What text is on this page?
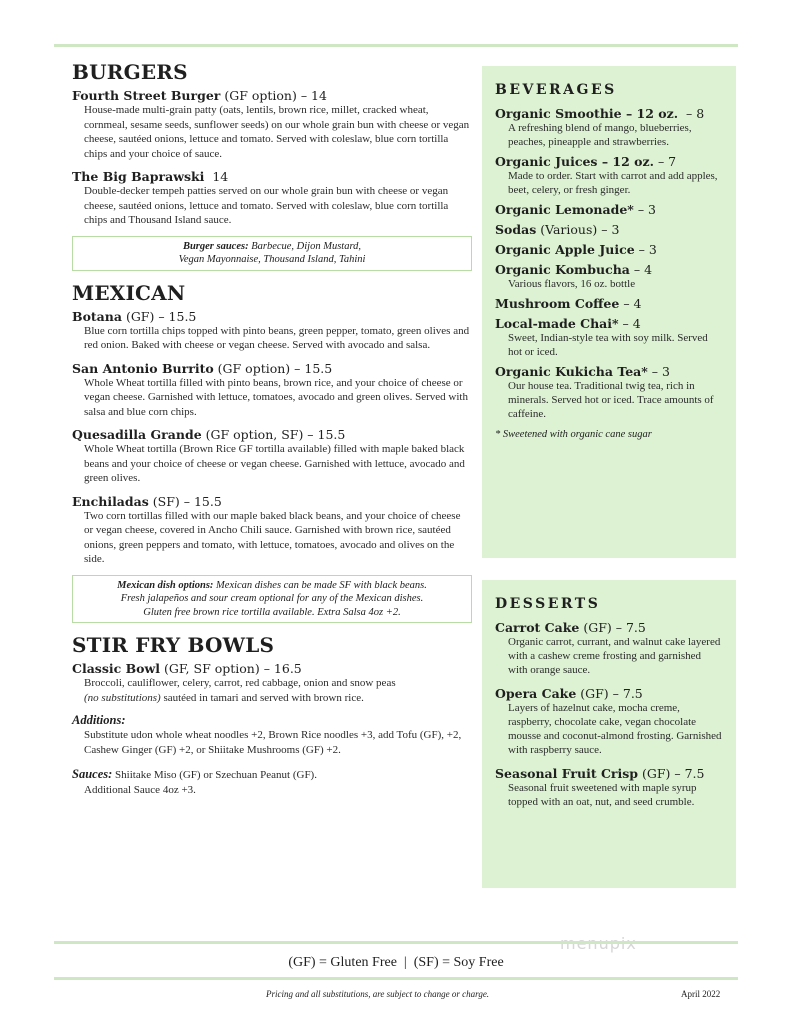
BURGERS
Fourth Street Burger (GF option) – 14
House-made multi-grain patty (oats, lentils, brown rice, millet, cracked wheat, cornmeal, sesame seeds, sunflower seeds) on our whole grain bun with cheese or vegan cheese, sautéed onions, lettuce and tomato. Served with coleslaw, blue corn tortilla chips and your choice of sauce.
The Big Baprawski  14
Double-decker tempeh patties served on our whole grain bun with cheese or vegan cheese, sautéed onions, lettuce and tomato. Served with coleslaw, blue corn tortilla chips and Thousand Island sauce.
Burger sauces: Barbecue, Dijon Mustard,
Vegan Mayonnaise, Thousand Island, Tahini
MEXICAN
Botana (GF) – 15.5
Blue corn tortilla chips topped with pinto beans, green pepper, tomato, green olives and red onion. Baked with cheese or vegan cheese. Served with avocado and salsa.
San Antonio Burrito (GF option) – 15.5
Whole Wheat tortilla filled with pinto beans, brown rice, and your choice of cheese or vegan cheese. Garnished with lettuce, tomatoes, avocado and green olives. Served with salsa and blue corn chips.
Quesadilla Grande (GF option, SF) – 15.5
Whole Wheat tortilla (Brown Rice GF tortilla available) filled with maple baked black beans and your choice of cheese or vegan cheese. Garnished with lettuce, avocado and green olives.
Enchiladas (SF) – 15.5
Two corn tortillas filled with our maple baked black beans, and your choice of cheese or vegan cheese, covered in Ancho Chili sauce. Garnished with brown rice, sautéed onions, green peppers and tomato, with lettuce, tomatoes, avocado and olives on the side.
Mexican dish options: Mexican dishes can be made SF with black beans.
Fresh jalapeños and sour cream optional for any of the Mexican dishes.
Gluten free brown rice tortilla available. Extra Salsa 4oz +2.
STIR FRY BOWLS
Classic Bowl (GF, SF option) – 16.5
Broccoli, cauliflower, celery, carrot, red cabbage, onion and snow peas
(no substitutions) sautéed in tamari and served with brown rice.
Additions:
Substitute udon whole wheat noodles +2, Brown Rice noodles +3, add Tofu (GF), +2, Cashew Ginger (GF) +2, or Shiitake Mushrooms (GF) +2.
Sauces: Shiitake Miso (GF) or Szechuan Peanut (GF).
Additional Sauce 4oz +3.
BEVERAGES
Organic Smoothie – 12 oz.  – 8
A refreshing blend of mango, blueberries, peaches, pineapple and strawberries.
Organic Juices – 12 oz. – 7
Made to order. Start with carrot and add apples, beet, celery, or fresh ginger.
Organic Lemonade* – 3
Sodas (Various) – 3
Organic Apple Juice – 3
Organic Kombucha – 4
Various flavors, 16 oz. bottle
Mushroom Coffee – 4
Local-made Chai* – 4
Sweet, Indian-style tea with soy milk. Served hot or iced.
Organic Kukicha Tea* – 3
Our house tea. Traditional twig tea, rich in minerals. Served hot or iced. Trace amounts of caffeine.
* Sweetened with organic cane sugar
DESSERTS
Carrot Cake (GF) – 7.5
Organic carrot, currant, and walnut cake layered with a cashew creme frosting and garnished with orange sauce.
Opera Cake (GF) – 7.5
Layers of hazelnut cake, mocha creme, raspberry, chocolate cake, vegan chocolate mousse and coconut-almond frosting. Garnished with raspberry sauce.
Seasonal Fruit Crisp (GF) – 7.5
Seasonal fruit sweetened with maple syrup topped with an oat, nut, and seed crumble.
(GF) = Gluten Free  |  (SF) = Soy Free
Pricing and all substitutions, are subject to change or charge.	April 2022
